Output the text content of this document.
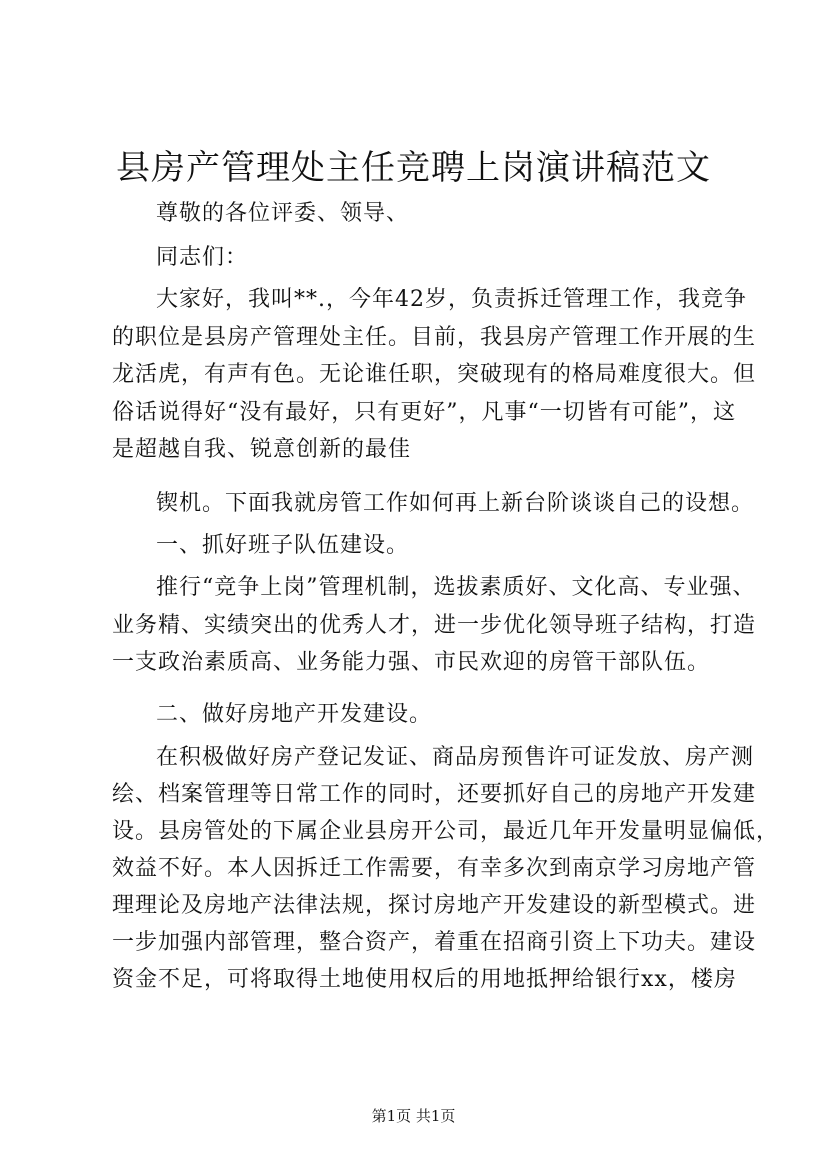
县房产管理处主任竞聘上岗演讲稿范文
尊敬的各位评委、领导、
同志们：
大家好，我叫**.，今年42岁，负责拆迁管理工作，我竞争
的职位是县房产管理处主任。目前，我县房产管理工作开展的生
龙活虎，有声有色。无论谁任职，突破现有的格局难度很大。但
俗话说得好“没有最好，只有更好”，凡事“一切皆有可能”，这
是超越自我、锐意创新的最佳
锲机。下面我就房管工作如何再上新台阶谈谈自己的设想。
一、抓好班子队伍建设。
推行“竞争上岗”管理机制，选拔素质好、文化高、专业强、
业务精、实绩突出的优秀人才，进一步优化领导班子结构，打造
一支政治素质高、业务能力强、市民欢迎的房管干部队伍。
二、做好房地产开发建设。
在积极做好房产登记发证、商品房预售许可证发放、房产测
绘、档案管理等日常工作的同时，还要抓好自己的房地产开发建
设。县房管处的下属企业县房开公司，最近几年开发量明显偏低，
效益不好。本人因拆迁工作需要，有幸多次到南京学习房地产管
理理论及房地产法律法规，探讨房地产开发建设的新型模式。进
一步加强内部管理，整合资产，着重在招商引资上下功夫。建设
资金不足，可将取得土地使用权后的用地抵押给银行xx，楼房
第1页 共1页
